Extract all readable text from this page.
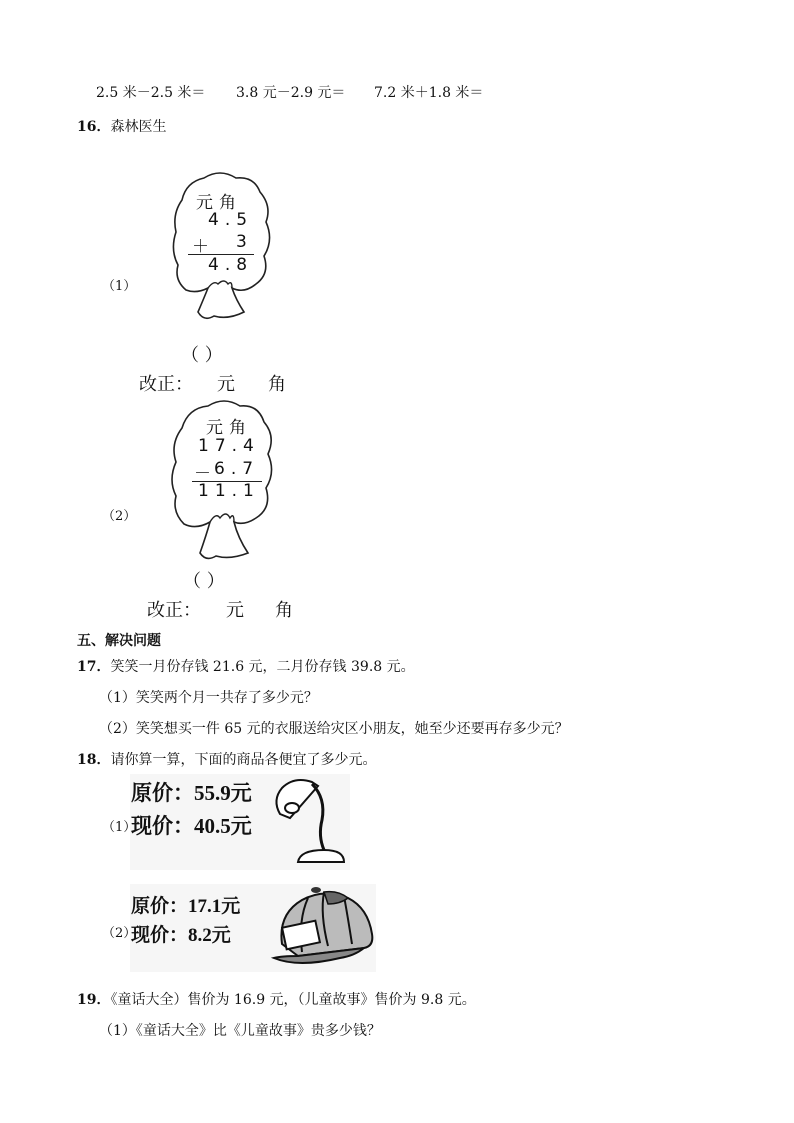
2.5 米－2.5 米＝ 3.8 元－2.9 元＝ 7.2 米＋1.8 米＝
16．森林医生
（1）
元角
4.5
＋ 3
4.8
（ ）
改正： 元 角
（2）
元角
17.4
－
6.7
11.1
（ ）
改正： 元 角
五、解决问题
17．笑笑一月份存钱 21.6 元，二月份存钱 39.8 元。
（1）笑笑两个月一共存了多少元？
（2）笑笑想买一件 65 元的衣服送给灾区小朋友，她至少还要再存多少元？
18．请你算一算，下面的商品各便宜了多少元。
原价：55.9元
（1）
现价：40.5元
原价：17.1元
（2）
现价：8.2元
19．《童话大全）售价为 16.9 元，（儿童故事》售价为 9.8 元。
（1）《童话大全》比《儿童故事》贵多少钱？
